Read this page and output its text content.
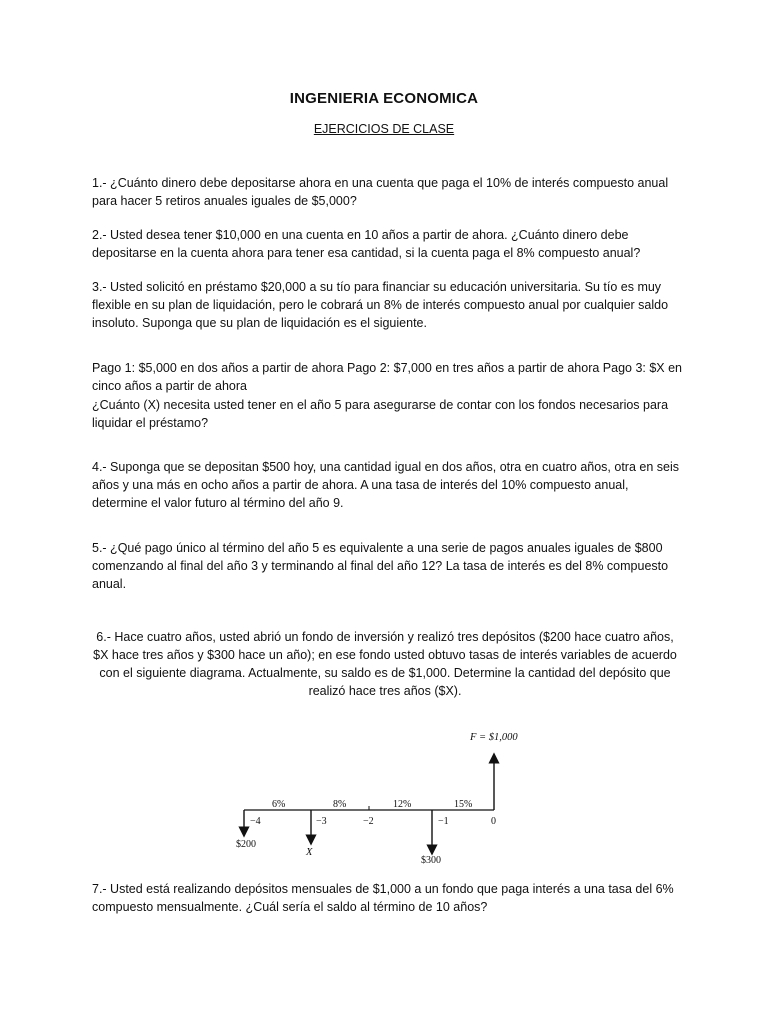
INGENIERIA ECONOMICA
EJERCICIOS DE CLASE

1.- ¿Cuánto dinero debe depositarse ahora en una cuenta que paga el 10% de interés compuesto anual para hacer 5 retiros anuales iguales de $5,000?

2.- Usted desea tener $10,000 en una cuenta en 10 años a partir de ahora. ¿Cuánto dinero debe depositarse en la cuenta ahora para tener esa cantidad, si la cuenta paga el 8% compuesto anual?

3.- Usted solicitó en préstamo $20,000 a su tío para financiar su educación universitaria. Su tío es muy flexible en su plan de liquidación, pero le cobrará un 8% de interés compuesto anual por cualquier saldo insoluto. Suponga que su plan de liquidación es el siguiente.

Pago 1: $5,000 en dos años a partir de ahora Pago 2: $7,000 en tres años a partir de ahora Pago 3: $X en cinco años a partir de ahora

¿Cuánto (X) necesita usted tener en el año 5 para asegurarse de contar con los fondos necesarios para liquidar el préstamo?

4.- Suponga que se depositan $500 hoy, una cantidad igual en dos años, otra en cuatro años, otra en seis años y una más en ocho años a partir de ahora. A una tasa de interés del 10% compuesto anual, determine el valor futuro al término del año 9.

5.- ¿Qué pago único al término del año 5 es equivalente a una serie de pagos anuales iguales de $800 comenzando al final del año 3 y terminando al final del año 12? La tasa de interés es del 8% compuesto anual.

6.- Hace cuatro años, usted abrió un fondo de inversión y realizó tres depósitos ($200 hace cuatro años, $X hace tres años y $300 hace un año); en ese fondo usted obtuvo tasas de interés variables de acuerdo con el siguiente diagrama. Actualmente, su saldo es de $1,000. Determine la cantidad del depósito que realizó hace tres años ($X).

F = $1,000
6%	8%	12%	15%
−4	−3	−2	−1	0
$200
X
$300

7.- Usted está realizando depósitos mensuales de $1,000 a un fondo que paga interés a una tasa del 6% compuesto mensualmente. ¿Cuál sería el saldo al término de 10 años?
